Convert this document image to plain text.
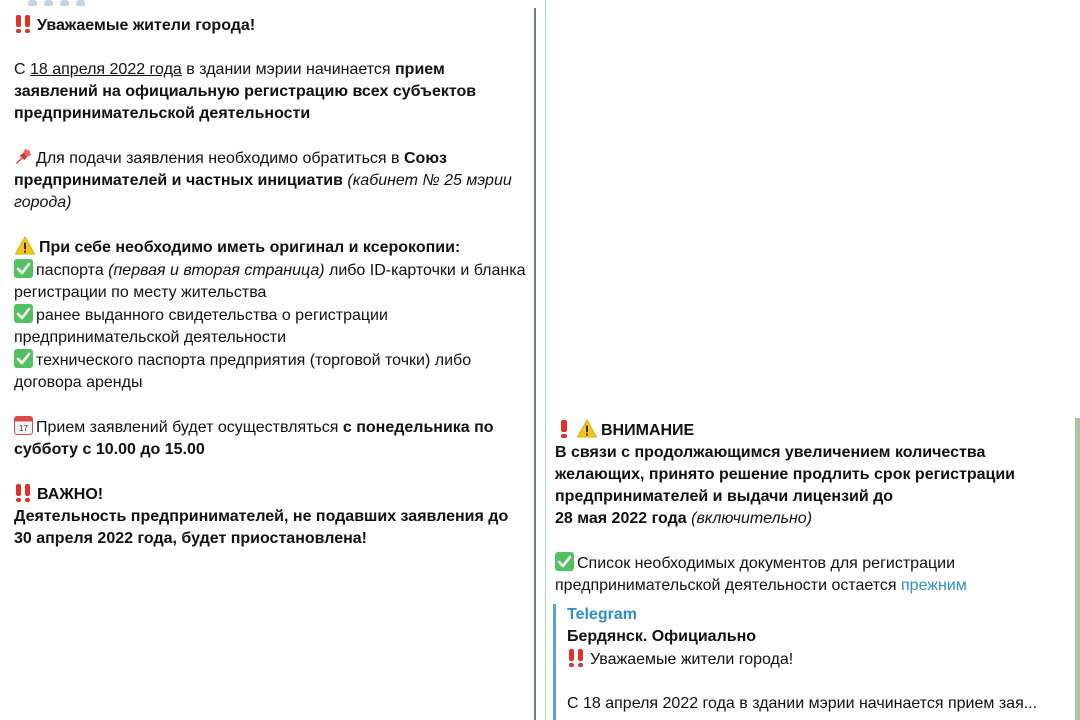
Уважаемые жители города!

С 18 апреля 2022 года в здании мэрии начинается прием заявлений на официальную регистрацию всех субъектов предпринимательской деятельности

Для подачи заявления необходимо обратиться в Союз предпринимателей и частных инициатив (кабинет № 25 мэрии города)

При себе необходимо иметь оригинал и ксерокопии:

паспорта (первая и вторая страница) либо ID-карточки и бланка регистрации по месту жительства

ранее выданного свидетельства о регистрации предпринимательской деятельности

технического паспорта предприятия (торговой точки) либо договора аренды

17 Прием заявлений будет осуществляться с понедельника по субботу с 10.00 до 15.00

ВАЖНО!

Деятельность предпринимателей, не подавших заявления до 30 апреля 2022 года, будет приостановлена!

ВНИМАНИЕ

В связи с продолжающимся увеличением количества желающих, принято решение продлить срок регистрации предпринимателей и выдачи лицензий до

28 мая 2022 года (включительно)

Список необходимых документов для регистрации предпринимательской деятельности остается прежним

Telegram
Бердянск. Официально
Уважаемые жители города!
С 18 апреля 2022 года в здании мэрии начинается прием зая...
